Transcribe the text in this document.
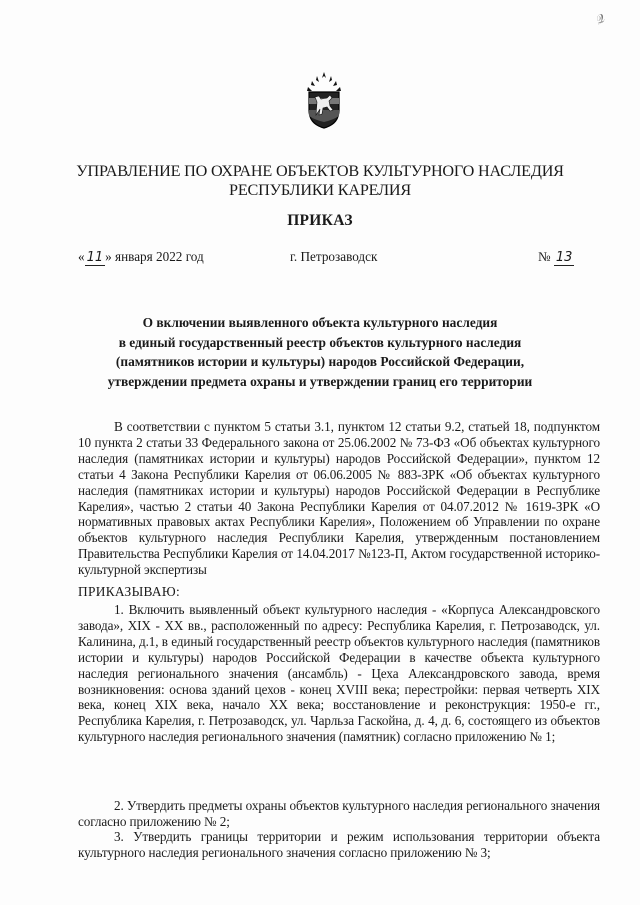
𝒬
УПРАВЛЕНИЕ ПО ОХРАНЕ ОБЪЕКТОВ КУЛЬТУРНОГО НАСЛЕДИЯ
РЕСПУБЛИКИ КАРЕЛИЯ
ПРИКАЗ
« 11 » января 2022 год	г. Петрозаводск	№ 13
О включении выявленного объекта культурного наследия
в единый государственный реестр объектов культурного наследия
(памятников истории и культуры) народов Российской Федерации,
утверждении предмета охраны и утверждении границ его территории
В соответствии с пунктом 5 статьи 3.1, пунктом 12 статьи 9.2, статьей 18, подпунктом 10 пункта 2 статьи 33 Федерального закона от 25.06.2002 № 73-ФЗ «Об объектах культурного наследия (памятниках истории и культуры) народов Российской Федерации», пунктом 12 статьи 4 Закона Республики Карелия от 06.06.2005 № 883-ЗРК «Об объектах культурного наследия (памятниках истории и культуры) народов Российской Федерации в Республике Карелия», частью 2 статьи 40 Закона Республики Карелия от 04.07.2012 № 1619-ЗРК «О нормативных правовых актах Республики Карелия», Положением об Управлении по охране объектов культурного наследия Республики Карелия, утвержденным постановлением Правительства Республики Карелия от 14.04.2017 №123-П, Актом государственной историко-культурной экспертизы
ПРИКАЗЫВАЮ:
1. Включить выявленный объект культурного наследия - «Корпуса Александровского завода», XIX - XX вв., расположенный по адресу: Республика Карелия, г. Петрозаводск, ул. Калинина, д.1, в единый государственный реестр объектов культурного наследия (памятников истории и культуры) народов Российской Федерации в качестве объекта культурного наследия регионального значения (ансамбль) - Цеха Александровского завода, время возникновения: основа зданий цехов - конец XVIII века; перестройки: первая четверть XIX века, конец XIX века, начало XX века; восстановление и реконструкция: 1950-е гг., Республика Карелия, г. Петрозаводск, ул. Чарльза Гаскойна, д. 4, д. 6, состоящего из объектов культурного наследия регионального значения (памятник) согласно приложению № 1;
2. Утвердить предметы охраны объектов культурного наследия регионального значения согласно приложению № 2;
3. Утвердить границы территории и режим использования территории объекта культурного наследия регионального значения согласно приложению № 3;
